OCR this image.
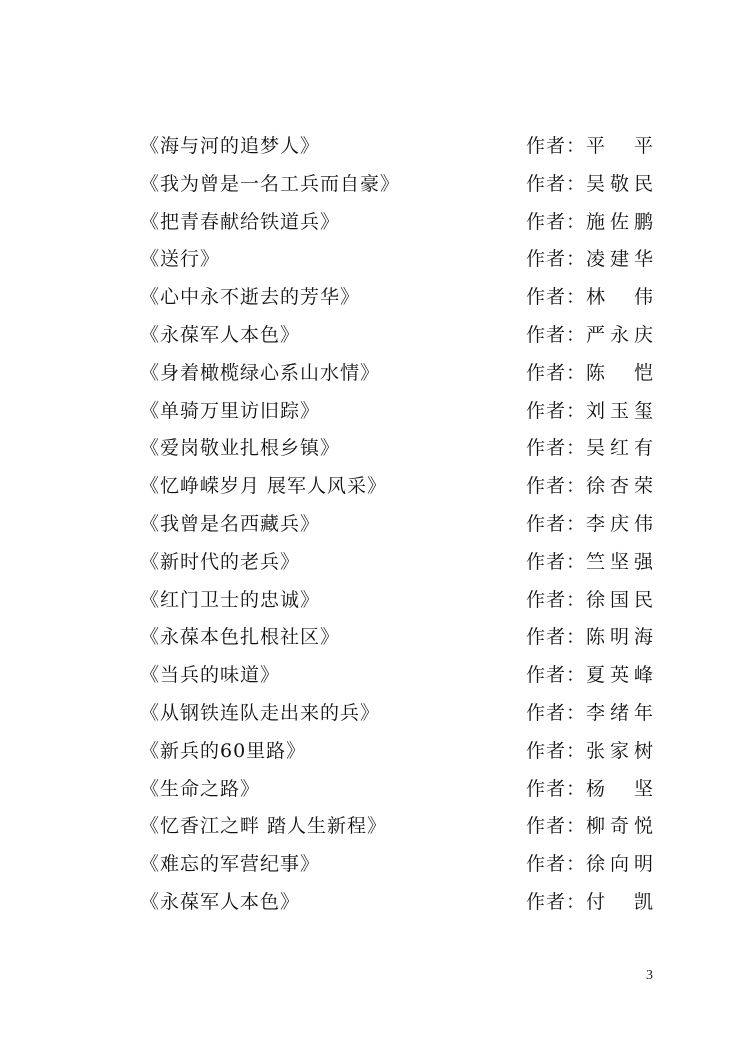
《海与河的追梦人》	作者：平　平
《我为曾是一名工兵而自豪》	作者：吴敬民
《把青春献给铁道兵》	作者：施佐鹏
《送行》	作者：凌建华
《心中永不逝去的芳华》	作者：林　伟
《永葆军人本色》	作者：严永庆
《身着橄榄绿心系山水情》	作者：陈　恺
《单骑万里访旧踪》	作者：刘玉玺
《爱岗敬业扎根乡镇》	作者：吴红有
《忆峥嵘岁月 展军人风采》	作者：徐杏荣
《我曾是名西藏兵》	作者：李庆伟
《新时代的老兵》	作者：竺坚强
《红门卫士的忠诚》	作者：徐国民
《永葆本色扎根社区》	作者：陈明海
《当兵的味道》	作者：夏英峰
《从钢铁连队走出来的兵》	作者：李绪年
《新兵的60里路》	作者：张家树
《生命之路》	作者：杨　坚
《忆香江之畔 踏人生新程》	作者：柳奇悦
《难忘的军营纪事》	作者：徐向明
《永葆军人本色》	作者：付　凯
3
